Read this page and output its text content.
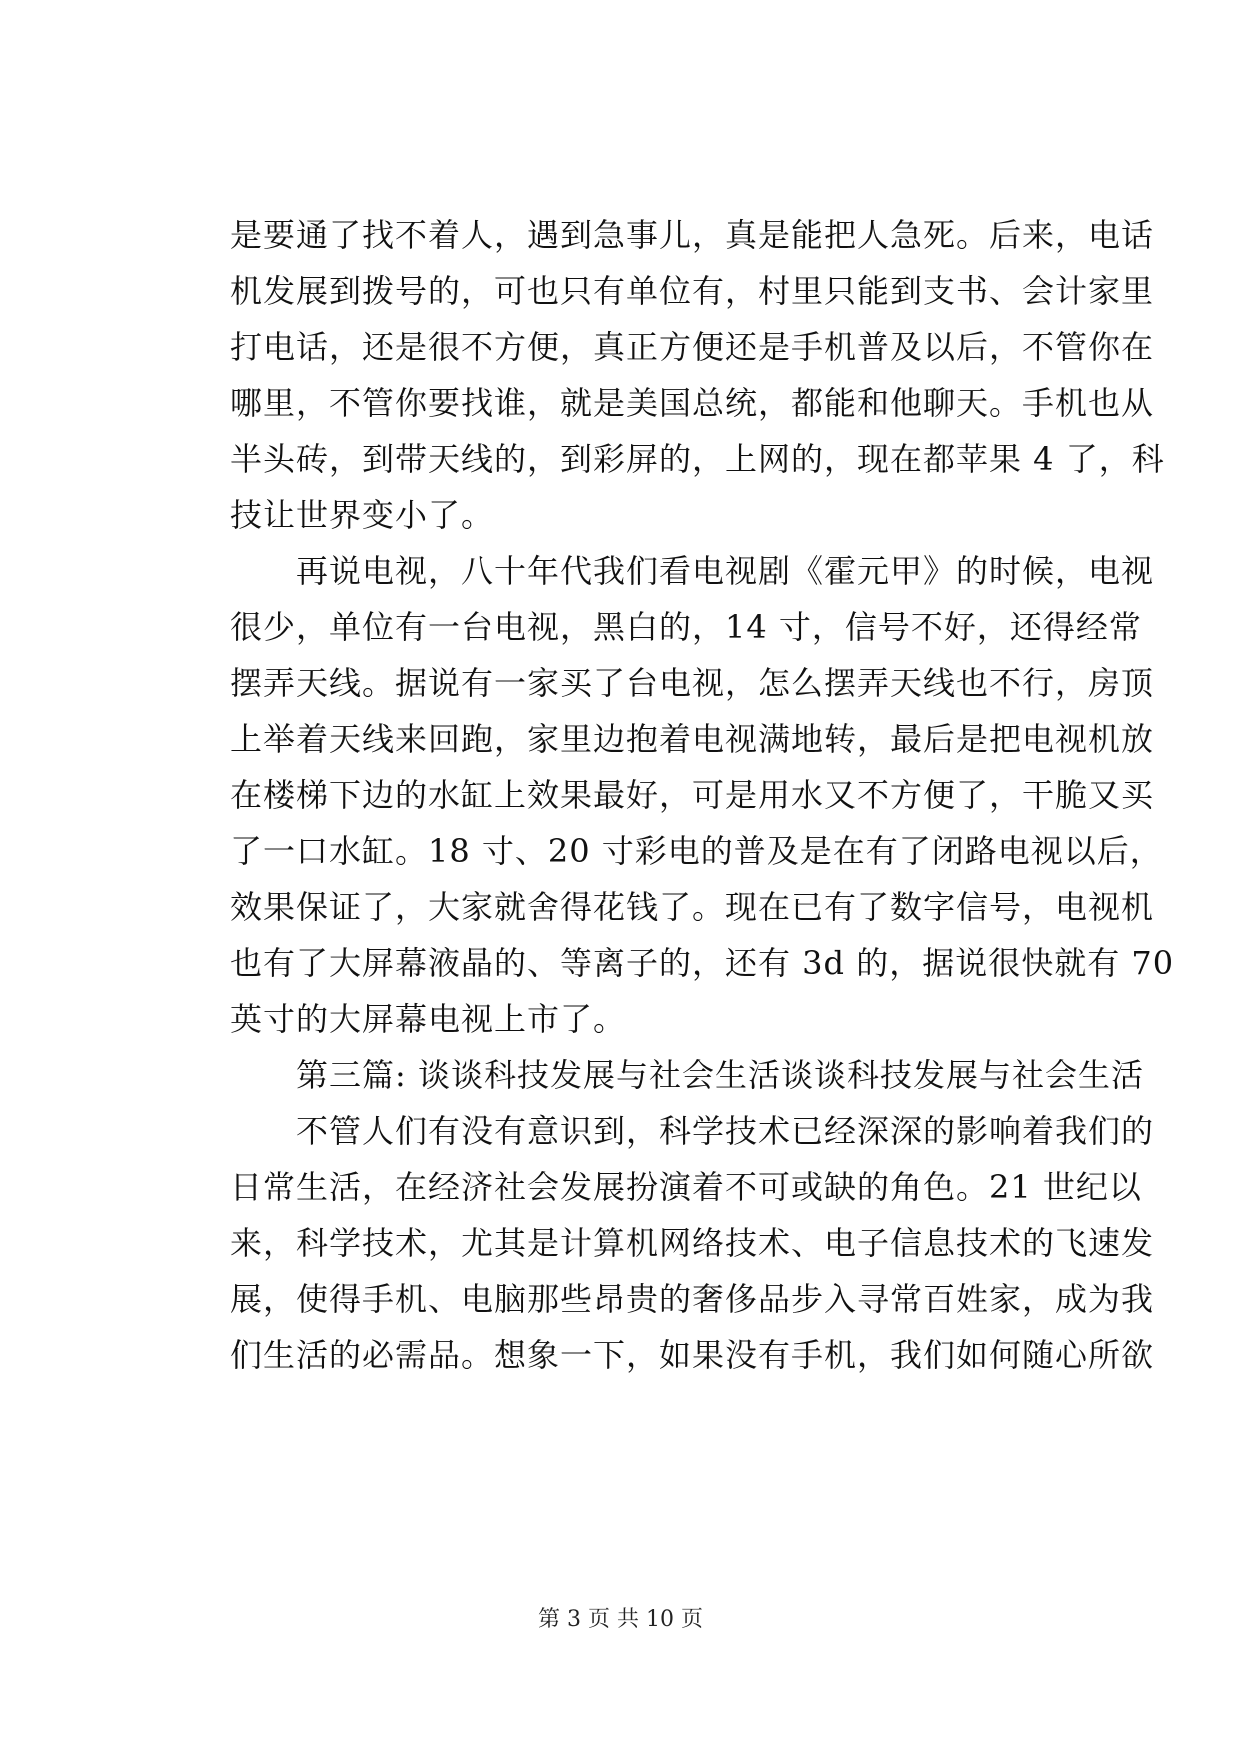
是要通了找不着人，遇到急事儿，真是能把人急死。后来，电话
机发展到拨号的，可也只有单位有，村里只能到支书、会计家里
打电话，还是很不方便，真正方便还是手机普及以后，不管你在
哪里，不管你要找谁，就是美国总统，都能和他聊天。手机也从
半头砖，到带天线的，到彩屏的，上网的，现在都苹果 4 了，科
技让世界变小了。
再说电视，八十年代我们看电视剧《霍元甲》的时候，电视
很少，单位有一台电视，黑白的，14 寸，信号不好，还得经常
摆弄天线。据说有一家买了台电视，怎么摆弄天线也不行，房顶
上举着天线来回跑，家里边抱着电视满地转，最后是把电视机放
在楼梯下边的水缸上效果最好，可是用水又不方便了，干脆又买
了一口水缸。18 寸、20 寸彩电的普及是在有了闭路电视以后，
效果保证了，大家就舍得花钱了。现在已有了数字信号，电视机
也有了大屏幕液晶的、等离子的，还有 3d 的，据说很快就有 70
英寸的大屏幕电视上市了。
第三篇: 谈谈科技发展与社会生活谈谈科技发展与社会生活
不管人们有没有意识到，科学技术已经深深的影响着我们的
日常生活，在经济社会发展扮演着不可或缺的角色。21 世纪以
来，科学技术，尤其是计算机网络技术、电子信息技术的飞速发
展，使得手机、电脑那些昂贵的奢侈品步入寻常百姓家，成为我
们生活的必需品。想象一下，如果没有手机，我们如何随心所欲
第 3 页 共 10 页
